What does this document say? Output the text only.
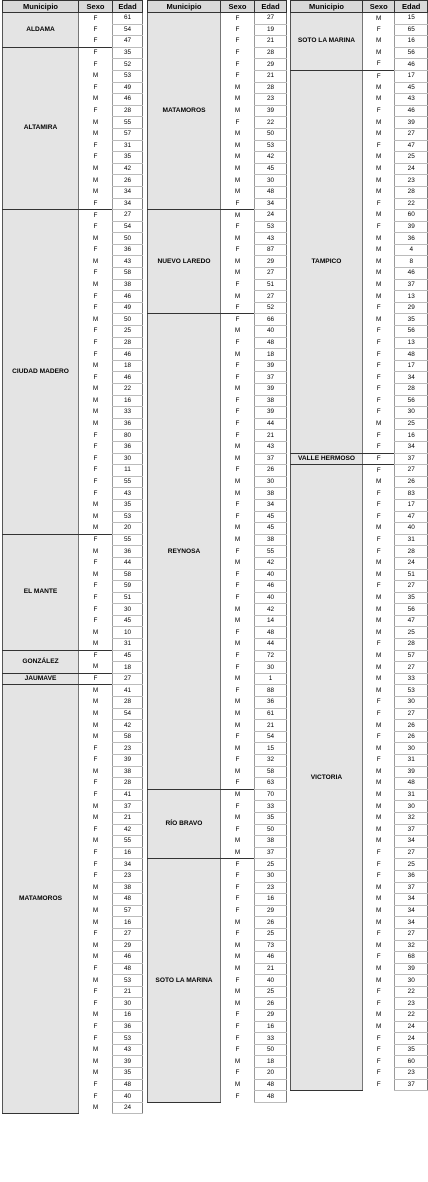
Municipio	Sexo	Edad
ALDAMA	F	61
	F	54
	F	47
ALTAMIRA	F	35
	F	52
	M	53
	F	49
	M	46
	F	28
	M	55
	M	57
	F	31
	F	35
	M	42
	M	26
	M	34
	F	34
CIUDAD MADERO	F	27
	F	54
	M	50
	F	36
	M	43
	F	58
	M	38
	F	46
	F	49
	M	50
	F	25
	F	28
	F	46
	M	18
	F	46
	M	22
	M	16
	M	33
	M	36
	F	80
	F	36
	F	30
	F	11
	F	55
	F	43
	M	35
	M	53
	M	20
EL MANTE	F	55
	M	36
	F	44
	M	58
	F	59
	F	51
	F	30
	F	45
	M	10
	M	31
GONZÁLEZ	F	45
	M	18
JAUMAVE	F	27
MATAMOROS	M	41
	M	28
	M	54
	M	42
	M	58
	F	23
	F	39
	M	38
	F	28
	F	41
	M	37
	M	21
	F	42
	M	55
	F	16
	F	34
	F	23
	M	38
	M	48
	M	57
	M	16
	F	27
	M	29
	M	46
	F	48
	M	53
	F	21
	F	30
	M	16
	F	36
	F	53
	M	43
	M	39
	M	35
	F	48
	F	40
	M	24
Municipio	Sexo	Edad
MATAMOROS	F	27
	F	19
	F	21
	F	28
	F	29
	F	21
	M	28
	M	23
	M	39
	F	22
	M	50
	M	53
	M	42
	M	45
	M	30
	M	48
	F	34
NUEVO LAREDO	M	24
	F	53
	M	43
	F	87
	M	29
	M	27
	F	51
	M	27
	F	52
REYNOSA	F	66
	M	40
	F	48
	M	18
	F	39
	F	37
	M	39
	F	38
	F	39
	F	44
	F	21
	M	43
	M	37
	F	26
	M	30
	M	38
	F	34
	F	45
	M	45
	M	38
	F	55
	M	42
	F	40
	F	46
	F	40
	M	42
	M	14
	F	48
	M	44
	F	72
	F	30
	M	1
	F	88
	M	36
	M	61
	M	21
	F	54
	M	15
	F	32
	M	58
	F	63
RÍO BRAVO	M	70
	F	33
	M	35
	F	50
	M	38
	M	37
SOTO LA MARINA	F	25
	F	30
	F	23
	F	16
	F	29
	M	26
	F	25
	M	73
	M	46
	M	21
	F	40
	M	25
	M	26
	F	29
	F	16
	F	33
	F	50
	M	18
	F	20
	M	48
	F	48
Municipio	Sexo	Edad
SOTO LA MARINA	M	15
	F	65
	M	16
	M	56
	F	46
TAMPICO	F	17
	M	45
	M	43
	F	46
	M	39
	M	27
	F	47
	M	25
	M	24
	M	23
	M	28
	F	22
	M	60
	F	39
	M	36
	M	4
	M	8
	M	46
	M	37
	M	13
	F	29
	M	35
	F	56
	F	13
	F	48
	F	17
	F	34
	F	28
	F	56
	F	30
	M	25
	F	16
	F	34
VALLE HERMOSO	F	37
VICTORIA	F	27
	M	26
	F	83
	F	17
	F	47
	M	40
	F	31
	F	28
	M	24
	M	51
	F	27
	M	35
	M	56
	M	47
	M	25
	F	28
	M	57
	M	27
	M	33
	M	53
	F	30
	F	27
	M	26
	F	26
	M	30
	F	31
	M	39
	M	48
	M	31
	M	30
	M	32
	M	37
	M	34
	F	27
	F	25
	F	36
	M	37
	M	34
	M	34
	M	34
	F	27
	M	32
	F	68
	M	39
	M	30
	F	22
	F	23
	M	22
	M	24
	F	24
	F	35
	F	60
	F	23
	F	37
